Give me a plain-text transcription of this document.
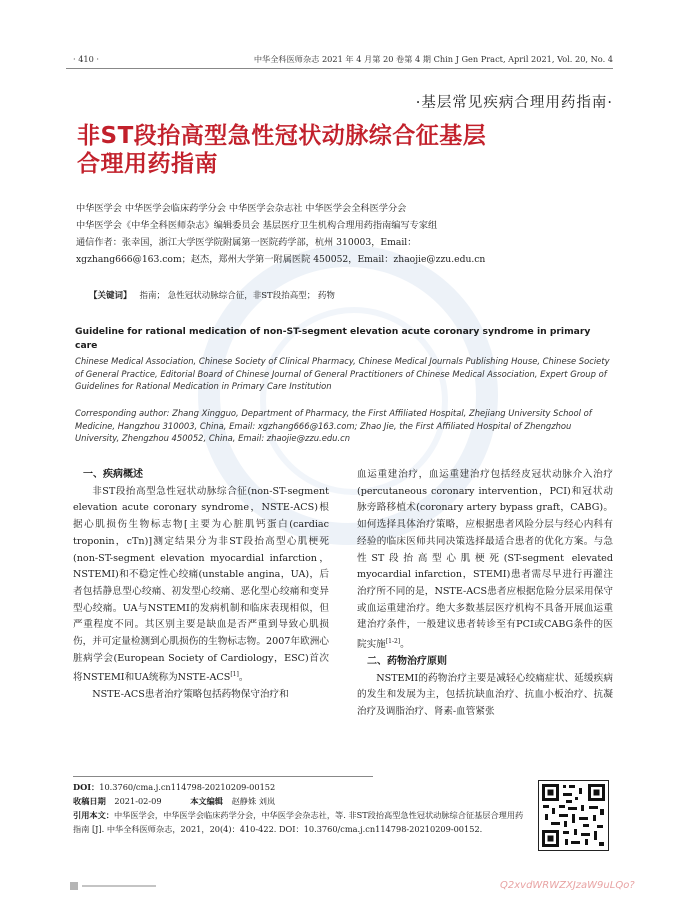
· 410 ·	中华全科医师杂志 2021 年 4 月第 20 卷第 4 期 Chin J Gen Pract, April 2021, Vol. 20, No. 4
·基层常见疾病合理用药指南·
非ST段抬高型急性冠状动脉综合征基层
合理用药指南
中华医学会 中华医学会临床药学分会 中华医学会杂志社 中华医学会全科医学分会
中华医学会《中华全科医师杂志》编辑委员会 基层医疗卫生机构合理用药指南编写专家组
通信作者：张幸国，浙江大学医学院附属第一医院药学部，杭州 310003，Email：
xgzhang666@163.com；赵杰，郑州大学第一附属医院 450052，Email：zhaojie@zzu.edu.cn
【关键词】 指南； 急性冠状动脉综合征，非ST段抬高型； 药物
Guideline for rational medication of non-ST-segment elevation acute coronary syndrome in primary care
Chinese Medical Association, Chinese Society of Clinical Pharmacy, Chinese Medical Journals Publishing House, Chinese Society of General Practice, Editorial Board of Chinese Journal of General Practitioners of Chinese Medical Association, Expert Group of Guidelines for Rational Medication in Primary Care Institution
Corresponding author: Zhang Xingguo, Department of Pharmacy, the First Affiliated Hospital, Zhejiang University School of Medicine, Hangzhou 310003, China, Email: xgzhang666@163.com; Zhao Jie, the First Affiliated Hospital of Zhengzhou University, Zhengzhou 450052, China, Email: zhaojie@zzu.edu.cn
一、疾病概述
非ST段抬高型急性冠状动脉综合征(non-ST-segment elevation acute coronary syndrome，NSTE-ACS)根据心肌损伤生物标志物[主要为心脏肌钙蛋白(cardiac troponin，cTn)]测定结果分为非ST段抬高型心肌梗死(non-ST-segment elevation myocardial infarction，NSTEMI)和不稳定性心绞痛(unstable angina，UA)，后者包括静息型心绞痛、初发型心绞痛、恶化型心绞痛和变异型心绞痛。UA与NSTEMI的发病机制和临床表现相似，但严重程度不同。其区别主要是缺血是否严重到导致心肌损伤，并可定量检测到心肌损伤的生物标志物。2007年欧洲心脏病学会(European Society of Cardiology，ESC)首次将NSTEMI和UA统称为NSTE-ACS[1]。
NSTE-ACS患者治疗策略包括药物保守治疗和
血运重建治疗，血运重建治疗包括经皮冠状动脉介入治疗(percutaneous coronary intervention，PCI)和冠状动脉旁路移植术(coronary artery bypass graft，CABG)。如何选择具体治疗策略，应根据患者风险分层与经心内科有经验的临床医师共同决策选择最适合患者的优化方案。与急性ST段抬高型心肌梗死(ST-segment elevated myocardial infarction，STEMI)患者需尽早进行再灌注治疗所不同的是，NSTE-ACS患者应根据危险分层采用保守或血运重建治疗。绝大多数基层医疗机构不具备开展血运重建治疗条件，一般建议患者转诊至有PCI或CABG条件的医院实施[1-2]。
二、药物治疗原则
NSTEMI的药物治疗主要是减轻心绞痛症状、延缓疾病的发生和发展为主，包括抗缺血治疗、抗血小板治疗、抗凝治疗及调脂治疗、肾素-血管紧张
DOI：10.3760/cma.j.cn114798-20210209-00152
收稿日期 2021-02-09	本文编辑 赵静姝 刘岚
引用本文：中华医学会，中华医学会临床药学分会，中华医学会杂志社，等. 非ST段抬高型急性冠状动脉综合征基层合理用药指南 [J]. 中华全科医师杂志，2021，20(4)：410-422. DOI：10.3760/cma.j.cn114798-20210209-00152.
Q2xvdWRWZXJzaW9uLQo?
